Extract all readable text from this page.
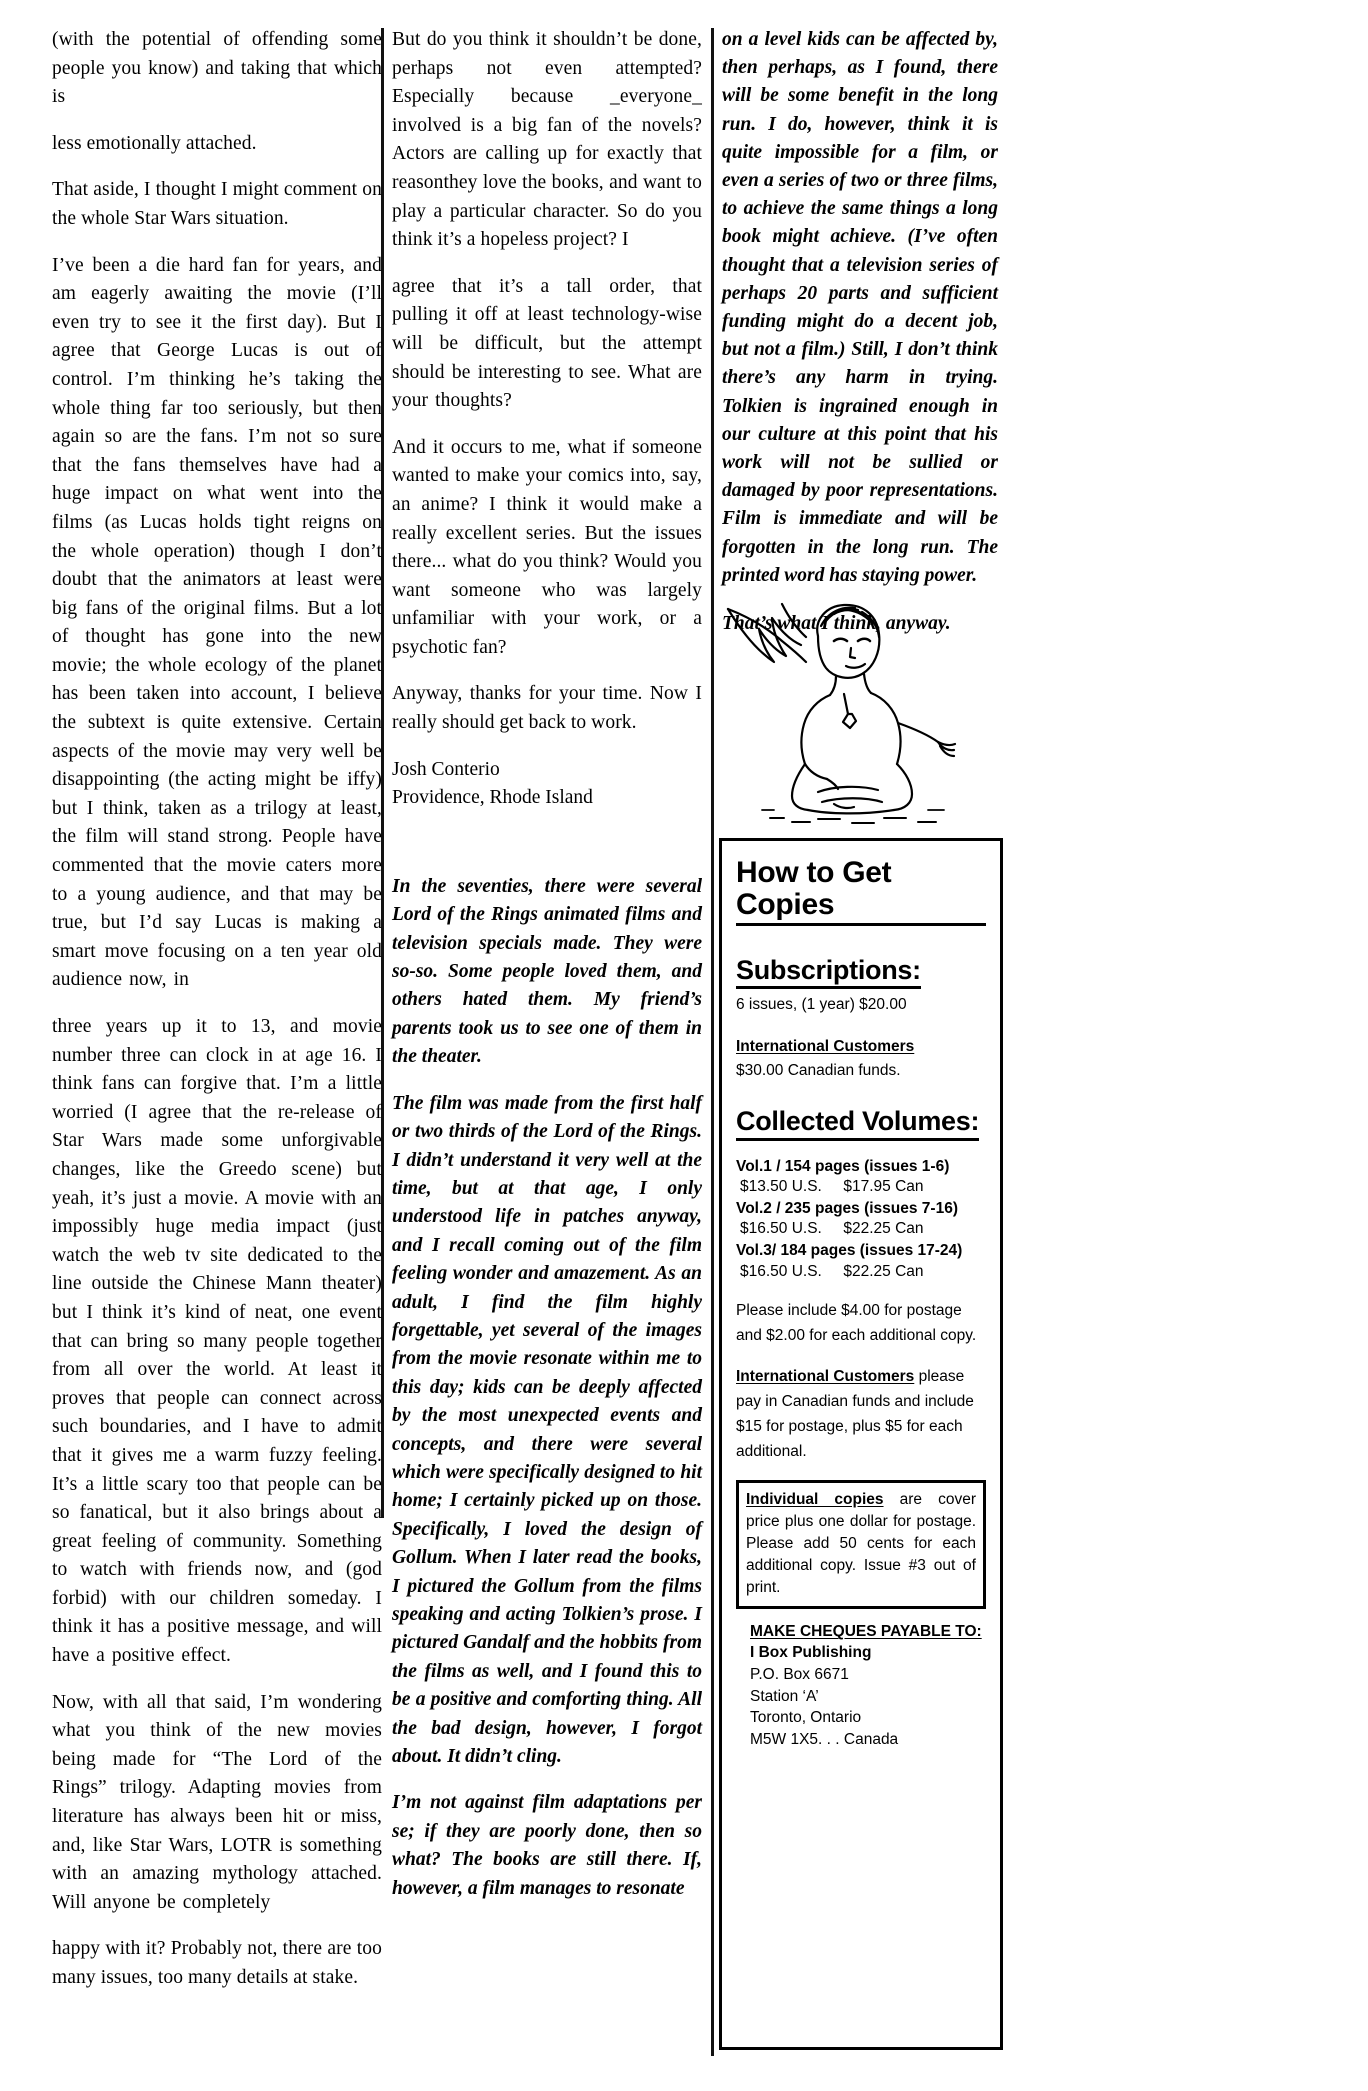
(with the potential of offending some people you know) and taking that which is

less emotionally attached.

That aside, I thought I might comment on the whole Star Wars situation.

I’ve been a die hard fan for years, and am eagerly awaiting the movie (I’ll even try to see it the first day). But I agree that George Lucas is out of control. I’m thinking he’s taking the whole thing far too seriously, but then again so are the fans. I’m not so sure that the fans themselves have had a huge impact on what went into the films (as Lucas holds tight reigns on the whole operation) though I don’t doubt that the animators at least were big fans of the original films. But a lot of thought has gone into the new movie; the whole ecology of the planet has been taken into account, I believe the subtext is quite extensive. Certain aspects of the movie may very well be disappointing (the acting might be iffy) but I think, taken as a trilogy at least, the film will stand strong. People have commented that the movie caters more to a young audience, and that may be true, but I’d say Lucas is making a smart move focusing on a ten year old audience now, in

three years up it to 13, and movie number three can clock in at age 16. I think fans can forgive that. I’m a little worried (I agree that the re-release of Star Wars made some unforgivable changes, like the Greedo scene) but yeah, it’s just a movie. A movie with an impossibly huge media impact (just watch the web tv site dedicated to the line outside the Chinese Mann theater) but I think it’s kind of neat, one event that can bring so many people together from all over the world. At least it proves that people can connect across such boundaries, and I have to admit that it gives me a warm fuzzy feeling. It’s a little scary too that people can be so fanatical, but it also brings about a great feeling of community. Something to watch with friends now, and (god forbid) with our children someday. I think it has a positive message, and will have a positive effect.

Now, with all that said, I’m wondering what you think of the new movies being made for “The Lord of the Rings” trilogy. Adapting movies from literature has always been hit or miss, and, like Star Wars, LOTR is something with an amazing mythology attached. Will anyone be completely

happy with it? Probably not, there are too many issues, too many details at stake.

But do you think it shouldn’t be done, perhaps not even attempted? Especially because _everyone_ involved is a big fan of the novels? Actors are calling up for exactly that reasonthey love the books, and want to play a particular character. So do you think it’s a hopeless project? I

agree that it’s a tall order, that pulling it off at least technology-wise will be difficult, but the attempt should be interesting to see. What are your thoughts?

And it occurs to me, what if someone wanted to make your comics into, say, an anime? I think it would make a really excellent series. But the issues there... what do you think? Would you want someone who was largely unfamiliar with your work, or a psychotic fan?

Anyway, thanks for your time. Now I really should get back to work.

Josh Conterio
Providence, Rhode Island

In the seventies, there were several Lord of the Rings animated films and television specials made. They were so-so. Some people loved them, and others hated them. My friend’s parents took us to see one of them in the theater.

The film was made from the first half or two thirds of the Lord of the Rings. I didn’t understand it very well at the time, but at that age, I only understood life in patches anyway, and I recall coming out of the film feeling wonder and amazement. As an adult, I find the film highly forgettable, yet several of the images from the movie resonate within me to this day; kids can be deeply affected by the most unexpected events and concepts, and there were several which were specifically designed to hit home; I certainly picked up on those. Specifically, I loved the design of Gollum. When I later read the books, I pictured the Gollum from the films speaking and acting Tolkien’s prose. I pictured Gandalf and the hobbits from the films as well, and I found this to be a positive and comforting thing. All the bad design, however, I forgot about. It didn’t cling.

I’m not against film adaptations per se; if they are poorly done, then so what? The books are still there. If, however, a film manages to resonate

on a level kids can be affected by, then perhaps, as I found, there will be some benefit in the long run. I do, however, think it is quite impossible for a film, or even a series of two or three films, to achieve the same things a long book might achieve. (I’ve often thought that a television series of perhaps 20 parts and sufficient funding might do a decent job, but not a film.) Still, I don’t think there’s any harm in trying. Tolkien is ingrained enough in our culture at this point that his work will not be sullied or damaged by poor representations. Film is immediate and will be forgotten in the long run. The printed word has staying power.

That’s what I think, anyway.

How to Get Copies Subscriptions:

6 issues, (1 year) $20.00

International Customers

$30.00 Canadian funds.

Collected Volumes:

Vol.1 / 154 pages (issues 1-6)

$13.50 U.S.     $17.95 Can

Vol.2 / 235 pages (issues 7-16)

$16.50 U.S.     $22.25 Can

Vol.3/ 184 pages (issues 17-24)

$16.50 U.S.     $22.25 Can

Please include $4.00 for postage and $2.00 for each additional copy.

International Customers please pay in Canadian funds and include $15 for postage, plus $5 for each additional.

Individual copies are cover price plus one dollar for postage. Please add 50 cents for each additional copy. Issue #3 out of print.

MAKE CHEQUES PAYABLE TO:

I Box Publishing

P.O. Box 6671

Station ‘A’

Toronto, Ontario

M5W 1X5. . . Canada
